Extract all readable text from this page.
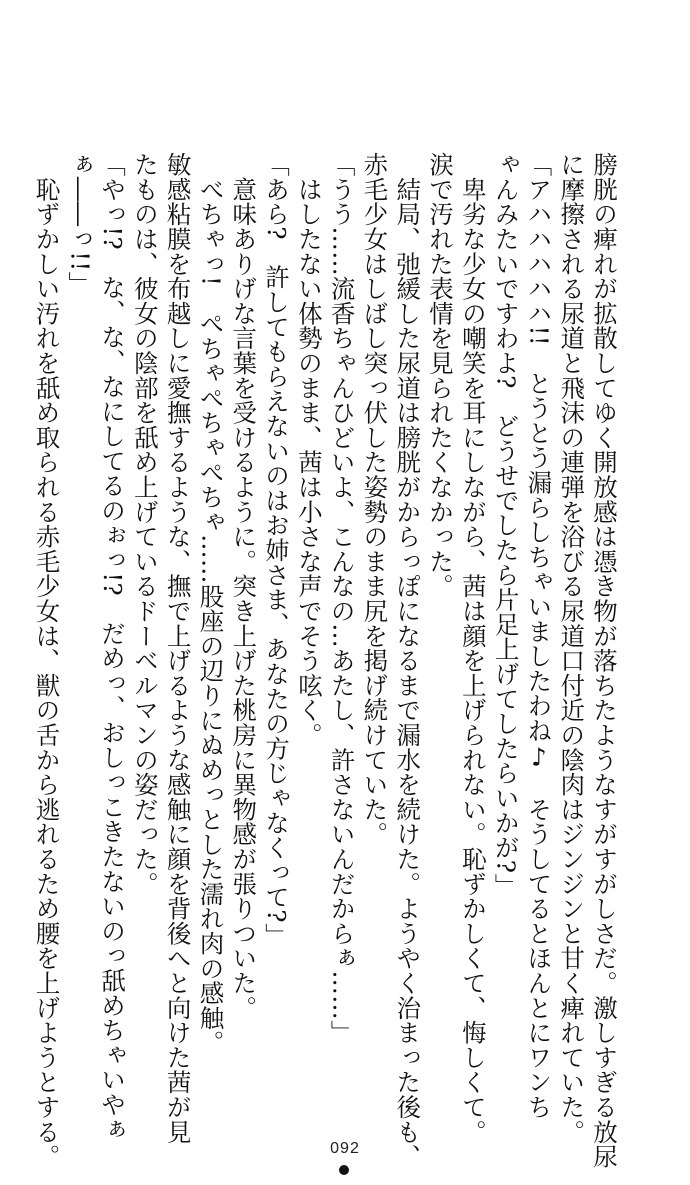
膀胱の痺れが拡散してゆく開放感は憑き物が落ちたようなすがすがしさだ。激しすぎる放尿
に摩擦される尿道と飛沫の連弾を浴びる尿道口付近の陰肉はジンジンと甘く痺れていた。
「アハハハハハ!!　とうとう漏らしちゃいましたわね♪　そうしてるとほんとにワンち
ゃんみたいですわよ?　どうせでしたら片足上げてしたらいかが?」
　卑劣な少女の嘲笑を耳にしながら、茜は顔を上げられない。恥ずかしくて、悔しくて。
涙で汚れた表情を見られたくなかった。
　結局、弛緩した尿道は膀胱がからっぽになるまで漏水を続けた。ようやく治まった後も、
赤毛少女はしばし突っ伏した姿勢のまま尻を掲げ続けていた。
「うう……流香ちゃんひどいよ、こんなの…あたし、許さないんだからぁ……」
　はしたない体勢のまま、茜は小さな声でそう呟く。
「あら?　許してもらえないのはお姉さま、あなたの方じゃなくって?」
　意味ありげな言葉を受けるように。突き上げた桃房に異物感が張りついた。
　べちゃっ!　ぺちゃぺちゃぺちゃ……股座の辺りにぬめっとした濡れ肉の感触。
敏感粘膜を布越しに愛撫するような、撫で上げるような感触に顔を背後へと向けた茜が見
たものは、彼女の陰部を舐め上げているドーベルマンの姿だった。
「やっ!?　な、な、なにしてるのぉっ!?　だめっ、おしっこきたないのっ舐めちゃいやぁ
ぁ――っ!!」
　恥ずかしい汚れを舐め取られる赤毛少女は、獣の舌から逃れるため腰を上げようとする。	092
